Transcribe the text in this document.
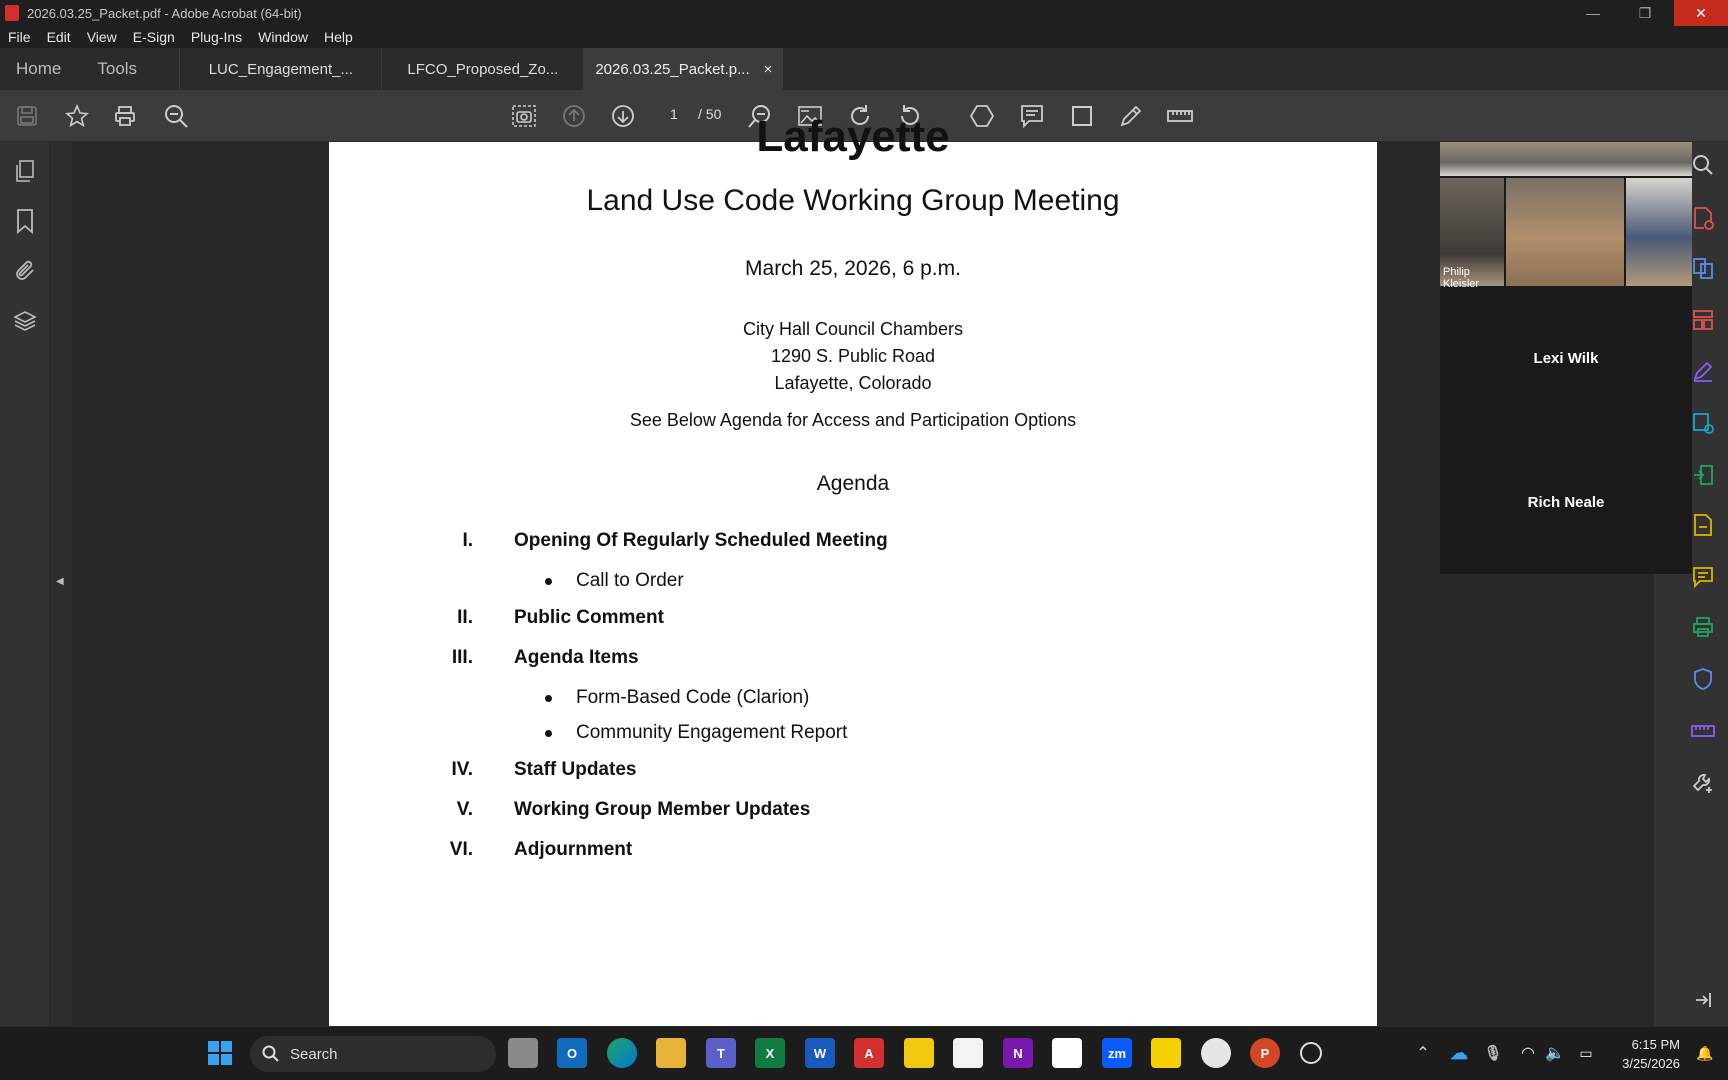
2026.03.25_Packet.pdf - Adobe Acrobat (64-bit)	—	❐	✕
File	Edit	View	E-Sign	Plug-Ins	Window	Help
Home	Tools	LUC_Engagement_...	LFCO_Proposed_Zo...	2026.03.25_Packet.p... ×
1 / 50
◀
Lafayette
Land Use Code Working Group Meeting
March 25, 2026, 6 p.m.
City Hall Council Chambers
1290 S. Public Road
Lafayette, Colorado
See Below Agenda for Access and Participation Options
Agenda
I. Opening Of Regularly Scheduled Meeting
Call to Order
II. Public Comment
III. Agenda Items
Form-Based Code (Clarion)
Community Engagement Report
IV. Staff Updates
V. Working Group Member Updates
VI. Adjournment
Philip Kleisler
Lexi Wilk
Rich Neale
Search	O	T	X	W	A	N	zm	P	⌃	☁	🎙	◠ 🔈	▭	6:15 PM
3/25/2026
🔔
